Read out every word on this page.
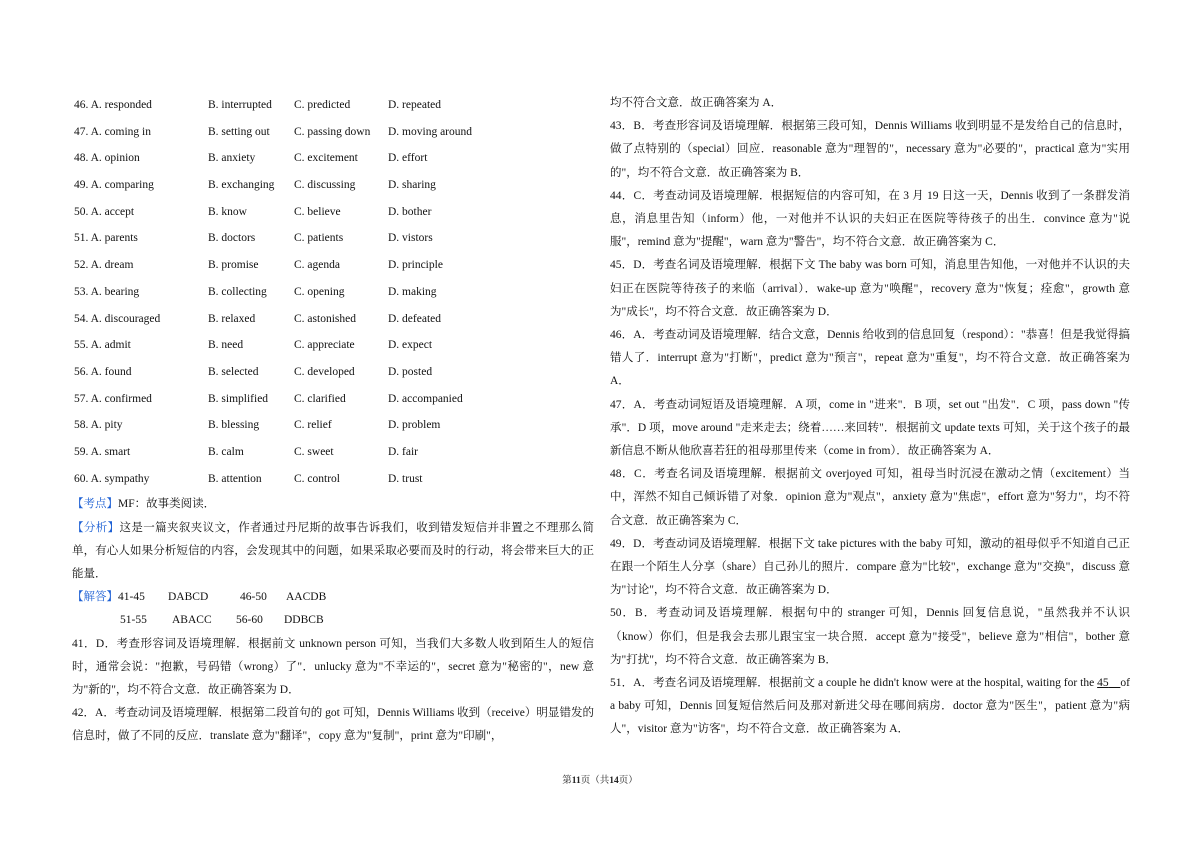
46. A. responded	B. interrupted C. predicted	D. repeated
47. A. coming in	B. setting out C. passing down D. moving around
48. A. opinion	B. anxiety	C. excitement	D. effort
49. A. comparing	B. exchanging C. discussing	D. sharing
50. A. accept	B. know	C. believe	D. bother
51. A. parents	B. doctors	C. patients	D. vistors
52. A. dream	B. promise	C. agenda	D. principle
53. A. bearing	B. collecting C. opening	D. making
54. A. discouraged	B. relaxed	C. astonished	D. defeated
55. A. admit	B. need	C. appreciate	D. expect
56. A. found	B. selected	C. developed	D. posted
57. A. confirmed	B. simplified C. clarified	D. accompanied
58. A. pity	B. blessing	C. relief	D. problem
59. A. smart	B. calm	C. sweet	D. fair
60. A. sympathy	B. attention	C. control	D. trust

【考点】MF：故事类阅读．

【分析】这是一篇夹叙夹议文，作者通过丹尼斯的故事告诉我们，收到错发短信并非置之不理那么简单，有心人如果分析短信的内容，会发现其中的问题，如果采取必要而及时的行动，将会带来巨大的正能量．

【解答】41-45 DABCD	46-50 AACDB
51-55 ABACC 56-60 DDBCB

41．D．考查形容词及语境理解．根据前文 unknown person 可知，当我们大多数人收到陌生人的短信时，通常会说："抱歉，号码错（wrong）了"．unlucky 意为"不幸运的"，secret 意为"秘密的"，new 意为"新的"，均不符合文意．故正确答案为 D．

42．A．考查动词及语境理解．根据第二段首句的 got 可知，Dennis Williams 收到（receive）明显错发的信息时，做了不同的反应．translate 意为"翻译"，copy 意为"复制"，print 意为"印刷"，

均不符合文意．故正确答案为 A．

43．B．考查形容词及语境理解．根据第三段可知，Dennis Williams 收到明显不是发给自己的信息时，做了点特别的（special）回应．reasonable 意为"理智的"，necessary 意为"必要的"，practical 意为"实用的"，均不符合文意．故正确答案为 B．

44．C．考查动词及语境理解．根据短信的内容可知，在 3 月 19 日这一天，Dennis 收到了一条群发消息，消息里告知（inform）他，一对他并不认识的夫妇正在医院等待孩子的出生．convince 意为"说服"，remind 意为"提醒"，warn 意为"警告"，均不符合文意．故正确答案为 C．

45．D．考查名词及语境理解．根据下文 The baby was born 可知，消息里告知他，一对他并不认识的夫妇正在医院等待孩子的来临（arrival）．wake-up 意为"唤醒"，recovery 意为"恢复；痊愈"，growth 意为"成长"，均不符合文意．故正确答案为 D．

46．A．考查动词及语境理解．结合文意，Dennis 给收到的信息回复（respond）："恭喜！但是我觉得搞错人了．interrupt 意为"打断"，predict 意为"预言"，repeat 意为"重复"，均不符合文意．故正确答案为 A．

47．A．考查动词短语及语境理解．A 项，come in "进来"．B 项，set out "出发"．C 项，pass down "传承"．D 项，move around "走来走去；绕着……来回转"．根据前文 update texts 可知，关于这个孩子的最新信息不断从他欣喜若狂的祖母那里传来（come in from）．故正确答案为 A．

48．C．考查名词及语境理解．根据前文 overjoyed 可知，祖母当时沉浸在激动之情（excitement）当中，浑然不知自己倾诉错了对象．opinion 意为"观点"，anxiety 意为"焦虑"，effort 意为"努力"，均不符合文意．故正确答案为 C．

49．D．考查动词及语境理解．根据下文 take pictures with the baby 可知，激动的祖母似乎不知道自己正在跟一个陌生人分享（share）自己孙儿的照片．compare 意为"比较"，exchange 意为"交换"，discuss 意为"讨论"，均不符合文意．故正确答案为 D．

50．B．考查动词及语境理解．根据句中的 stranger 可知，Dennis 回复信息说，"虽然我并不认识（know）你们，但是我会去那儿跟宝宝一块合照．accept 意为"接受"，believe 意为"相信"，bother 意为"打扰"，均不符合文意．故正确答案为 B．

51．A．考查名词及语境理解．根据前文 a couple he didn't know were at the hospital, waiting for the 45 of a baby 可知，Dennis 回复短信然后问及那对新进父母在哪间病房．doctor 意为"医生"，patient 意为"病人"，visitor 意为"访客"，均不符合文意．故正确答案为 A．

第11页（共14页）
